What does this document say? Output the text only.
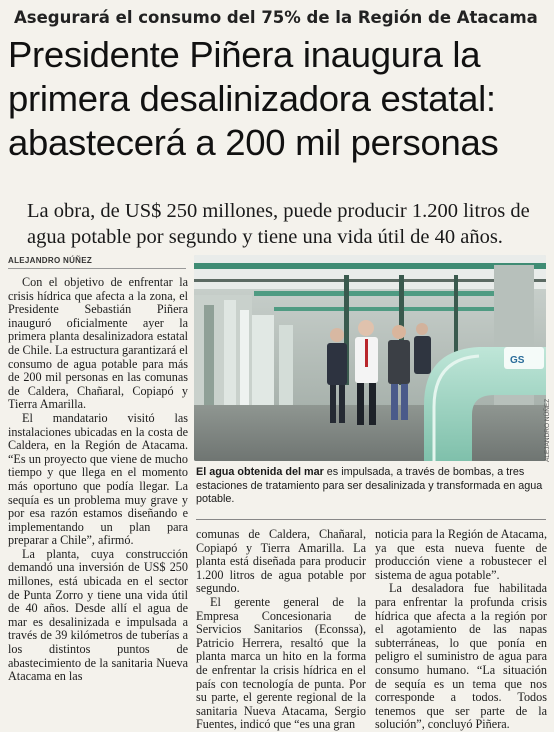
Asegurará el consumo del 75% de la Región de Atacama
Presidente Piñera inaugura la
primera desalinizadora estatal:
abastecerá a 200 mil personas
La obra, de US$ 250 millones, puede producir 1.200 litros de
agua potable por segundo y tiene una vida útil de 40 años.
ALEJANDRO NÚÑEZ

Con el objetivo de enfrentar la crisis hídrica que afecta a la zona, el Presidente Sebastián Piñera inauguró oficialmente ayer la primera planta desalinizadora estatal de Chile. La estructura garantizará el consumo de agua potable para más de 200 mil personas en las comunas de Caldera, Chañaral, Copiapó y Tierra Amarilla.

El mandatario visitó las instalaciones ubicadas en la costa de Caldera, en la Región de Atacama. “Es un proyecto que viene de mucho tiempo y que llega en el momento más oportuno que podía llegar. La sequía es un problema muy grave y por esa razón estamos diseñando e implementando un plan para preparar a Chile”, afirmó.

La planta, cuya construcción demandó una inversión de US$ 250 millones, está ubicada en el sector de Punta Zorro y tiene una vida útil de 40 años. Desde allí el agua de mar es desalinizada e impulsada a través de 39 kilómetros de tuberías a los distintos puntos de abastecimiento de la sanitaria Nueva Atacama en las

GS
ALEJANDRO NÚÑEZ
El agua obtenida del mar es impulsada, a través de bombas, a tres estaciones de tratamiento para ser desalinizada y transformada en agua potable.

comunas de Caldera, Chañaral, Copiapó y Tierra Amarilla. La planta está diseñada para producir 1.200 litros de agua potable por segundo.

El gerente general de la Empresa Concesionaria de Servicios Sanitarios (Econssa), Patricio Herrera, resaltó que la planta marca un hito en la forma de enfrentar la crisis hídrica en el país con tecnología de punta. Por su parte, el gerente regional de la sanitaria Nueva Atacama, Sergio Fuentes, indicó que “es una gran

noticia para la Región de Atacama, ya que esta nueva fuente de producción viene a robustecer el sistema de agua potable”.

La desaladora fue habilitada para enfrentar la profunda crisis hídrica que afecta a la región por el agotamiento de las napas subterráneas, lo que ponía en peligro el suministro de agua para consumo humano. “La situación de sequía es un tema que nos corresponde a todos. Todos tenemos que ser parte de la solución”, concluyó Piñera.
